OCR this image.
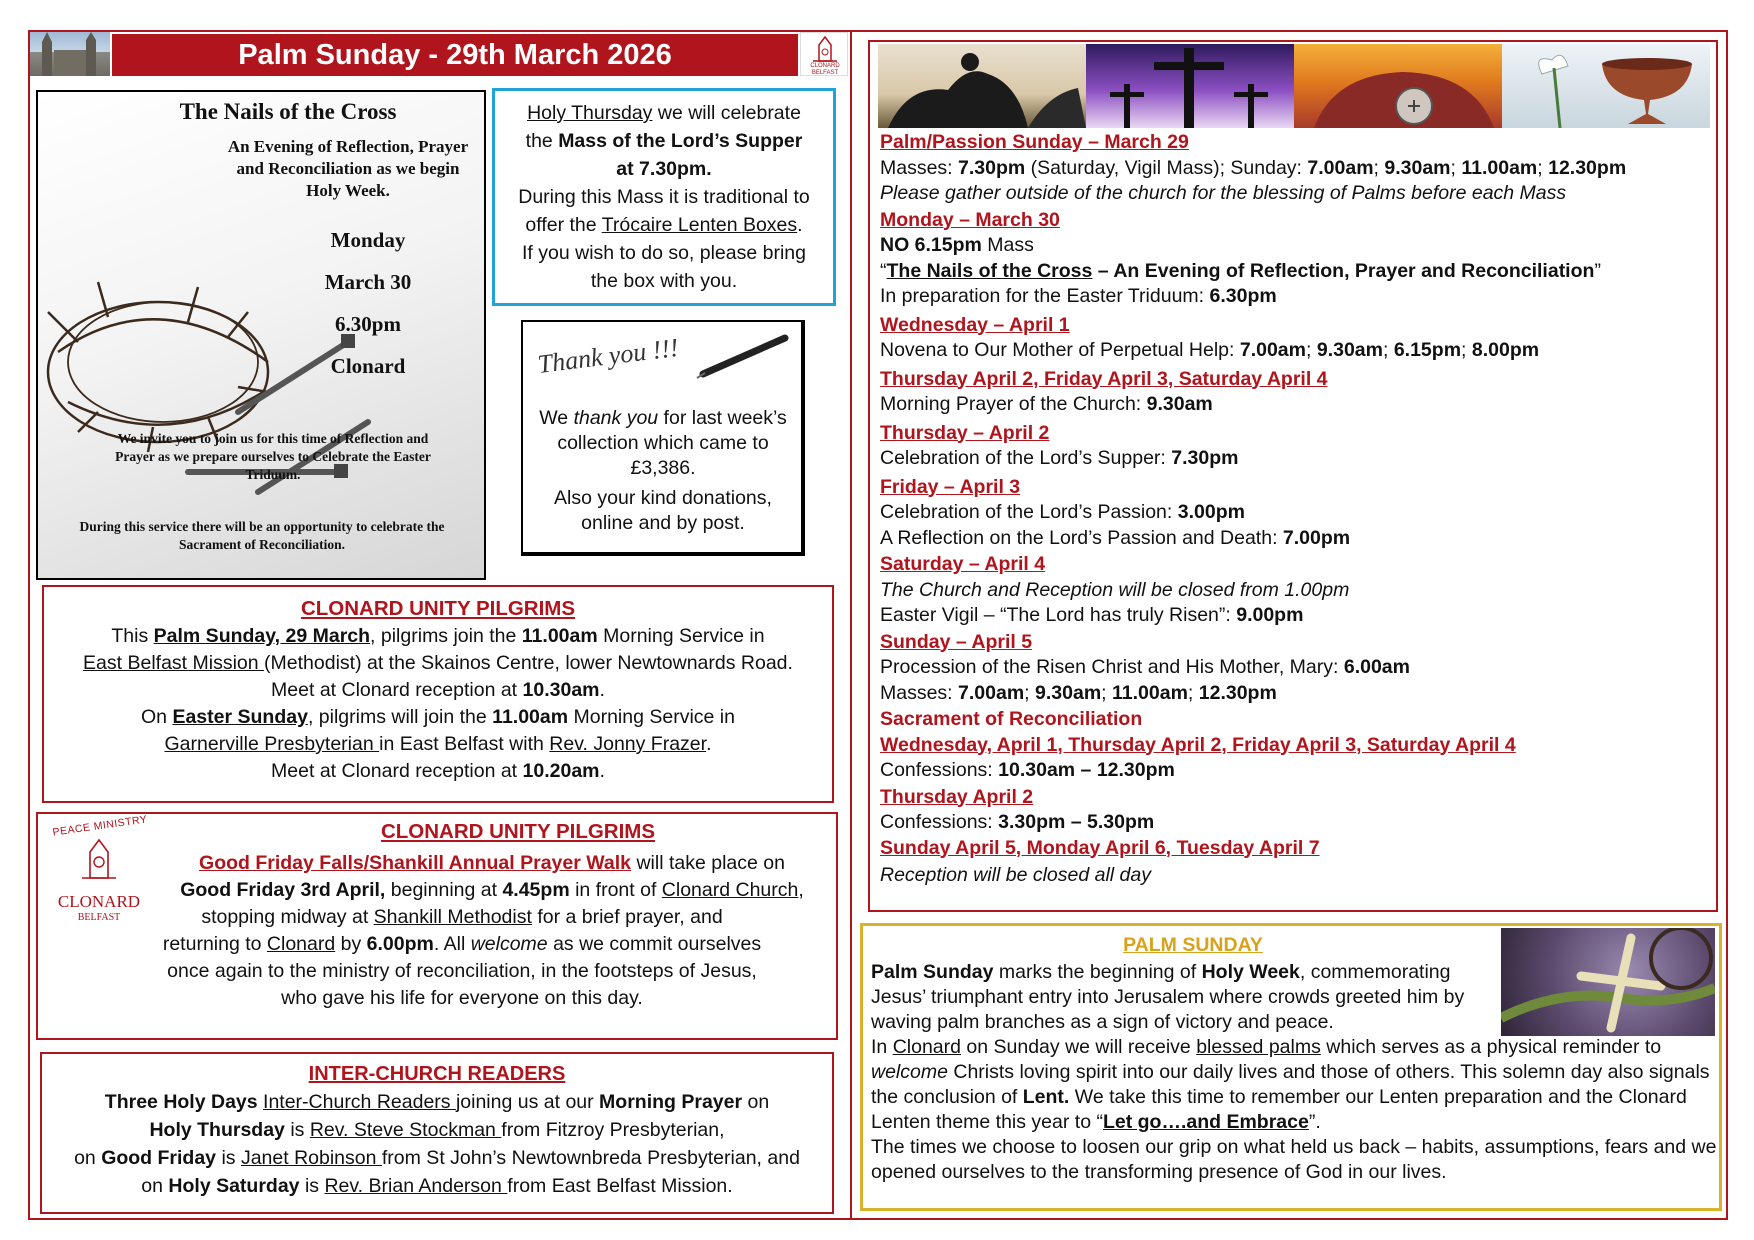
Palm Sunday - 29th March 2026	CLONARD BELFAST
The Nails of the Cross
An Evening of Reflection, Prayer and Reconciliation as we begin Holy Week.
Monday
March 30
6.30pm
Clonard
We invite you to join us for this time of Reflection and Prayer as we prepare ourselves to Celebrate the Easter Triduum.
During this service there will be an opportunity to celebrate the Sacrament of Reconciliation.
Holy Thursday we will celebrate
the Mass of the Lord’s Supper
at 7.30pm.
During this Mass it is traditional to
offer the Trócaire Lenten Boxes.
If you wish to do so, please bring
the box with you.
Thank you !!!
We thank you for last week’s collection which came to £3,386.
Also your kind donations, online and by post.
CLONARD UNITY PILGRIMS
This Palm Sunday, 29 March, pilgrims join the 11.00am Morning Service in
East Belfast Mission (Methodist) at the Skainos Centre, lower Newtownards Road.
Meet at Clonard reception at 10.30am.
On Easter Sunday, pilgrims will join the 11.00am Morning Service in
Garnerville Presbyterian in East Belfast with Rev. Jonny Frazer.
Meet at Clonard reception at 10.20am.
PEACE MINISTRY
CLONARD
BELFAST
CLONARD UNITY PILGRIMS
Good Friday Falls/Shankill Annual Prayer Walk will take place on
Good Friday 3rd April, beginning at 4.45pm in front of Clonard Church,
stopping midway at Shankill Methodist for a brief prayer, and
returning to Clonard by 6.00pm. All welcome as we commit ourselves
once again to the ministry of reconciliation, in the footsteps of Jesus,
who gave his life for everyone on this day.
INTER-CHURCH READERS
Three Holy Days Inter-Church Readers joining us at our Morning Prayer on
Holy Thursday is Rev. Steve Stockman from Fitzroy Presbyterian,
on Good Friday is Janet Robinson from St John’s Newtownbreda Presbyterian, and
on Holy Saturday is Rev. Brian Anderson from East Belfast Mission.
Palm/Passion Sunday – March 29
Masses: 7.30pm (Saturday, Vigil Mass); Sunday: 7.00am; 9.30am; 11.00am; 12.30pm
Please gather outside of the church for the blessing of Palms before each Mass
Monday – March 30
NO 6.15pm Mass
“The Nails of the Cross – An Evening of Reflection, Prayer and Reconciliation”
In preparation for the Easter Triduum: 6.30pm
Wednesday – April 1
Novena to Our Mother of Perpetual Help: 7.00am; 9.30am; 6.15pm; 8.00pm
Thursday April 2, Friday April 3, Saturday April 4
Morning Prayer of the Church: 9.30am
Thursday – April 2
Celebration of the Lord’s Supper: 7.30pm
Friday – April 3
Celebration of the Lord’s Passion: 3.00pm
A Reflection on the Lord’s Passion and Death: 7.00pm
Saturday – April 4
The Church and Reception will be closed from 1.00pm
Easter Vigil – “The Lord has truly Risen”: 9.00pm
Sunday – April 5
Procession of the Risen Christ and His Mother, Mary: 6.00am
Masses: 7.00am; 9.30am; 11.00am; 12.30pm
Sacrament of Reconciliation
Wednesday, April 1, Thursday April 2, Friday April 3, Saturday April 4
Confessions: 10.30am – 12.30pm
Thursday April 2
Confessions: 3.30pm – 5.30pm
Sunday April 5, Monday April 6, Tuesday April 7
Reception will be closed all day
PALM SUNDAY
Palm Sunday marks the beginning of Holy Week, commemorating Jesus’ triumphant entry into Jerusalem where crowds greeted him by waving palm branches as a sign of victory and peace.
In Clonard on Sunday we will receive blessed palms which serves as a physical reminder to welcome Christs loving spirit into our daily lives and those of others. This solemn day also signals the conclusion of Lent. We take this time to remember our Lenten preparation and the Clonard Lenten theme this year to “Let go….and Embrace”.
The times we choose to loosen our grip on what held us back – habits, assumptions, fears and we opened ourselves to the transforming presence of God in our lives.
